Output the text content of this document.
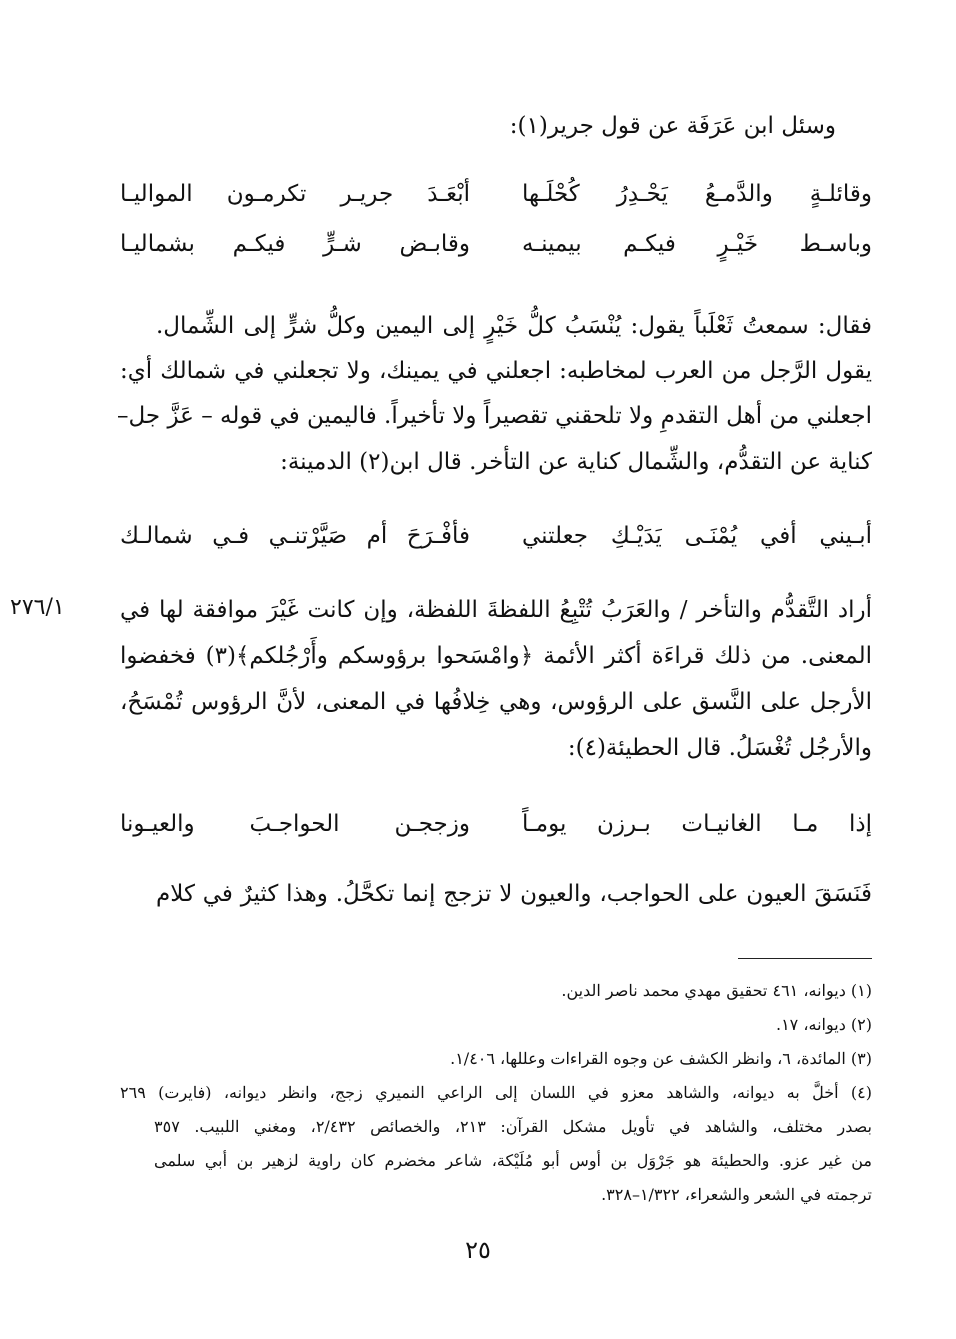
وسئل ابن عَرَفَة عن قول جرير(١):
وقائلـةٍ والدَّمـعُ يَحْـدِرُ كُحْلَـها
أبْعَـدَ جريـر تكرمـون المواليـا
وباسـط خَيْـرٍ فيكـم بيمينـه
وقابـض شـرٍّ فيكـم بشماليـا
فقال: سمعتُ ثَعْلَباً يقول: يُنْسَبُ كلُّ خَيْرٍ إلى اليمين وكلُّ شرٍّ إلى الشِّمال.
يقول الرَّجل من العرب لمخاطبه: اجعلني في يمينك، ولا تجعلني في شمالك أي:
اجعلني من أهل التقدمِ ولا تلحقني تقصيراً ولا تأخيراً. فاليمين في قوله – عَزَّ جل–
كناية عن التقدُّم، والشِّمال كناية عن التأخر. قال ابن(٢) الدمينة:
أبـيني أفي يُمْنَـى يَدَيْـكِ جعلتني
فأفْـرَحَ أم صَيَّرْتنـي فـي شمالـك
٢٧٦/١ أراد التَّقدُّم والتأخر / والعَرَبُ تُتْبِعُ اللفظةَ اللفظة، وإن كانت غَيْرَ موافقة لها في
المعنى. من ذلك قراءَة أكثر الأئمة ﴿وامْسَحوا برؤوسكم وأَرْجُلكم﴾(٣) فخفضوا
الأرجل على النَّسق على الرؤوس، وهي خِلافُها في المعنى، لأنَّ الرؤوس تُمْسَحُ،
والأرجُل تُغْسَلُ. قال الحطيئة(٤):
إذا مـا الغانيـات بـرزن يومـاً
وزججـن الحواجـبَ والعيـونا
فَنَسَقَ العيون على الحواجب، والعيون لا تزجج إنما تكحَّلُ. وهذا كثيرٌ في كلام
(١) ديوانه، ٤٦١ تحقيق مهدي محمد ناصر الدين.
(٢) ديوانه، ١٧.
(٣) المائدة، ٦، وانظر الكشف عن وجوه القراءات وعللها، ١/٤٠٦.
(٤) أخلَّ به ديوانه، والشاهد معزو في اللسان إلى الراعي النميري زجج، وانظر ديوانه، (فايرت) ٢٦٩
بصدر مختلف، والشاهد في تأويل مشكل القرآن: ٢١٣، والخصائص ٢/٤٣٢، ومغني اللبيب. ٣٥٧
من غير عزو. والحطيئة هو جَرْوَل بن أوس أبو مُلَيْكة، شاعر مخضرم كان راوية لزهير بن أبي سلمى
ترجمته في الشعر والشعراء، ١/٣٢٢–٣٢٨.
٢٥
